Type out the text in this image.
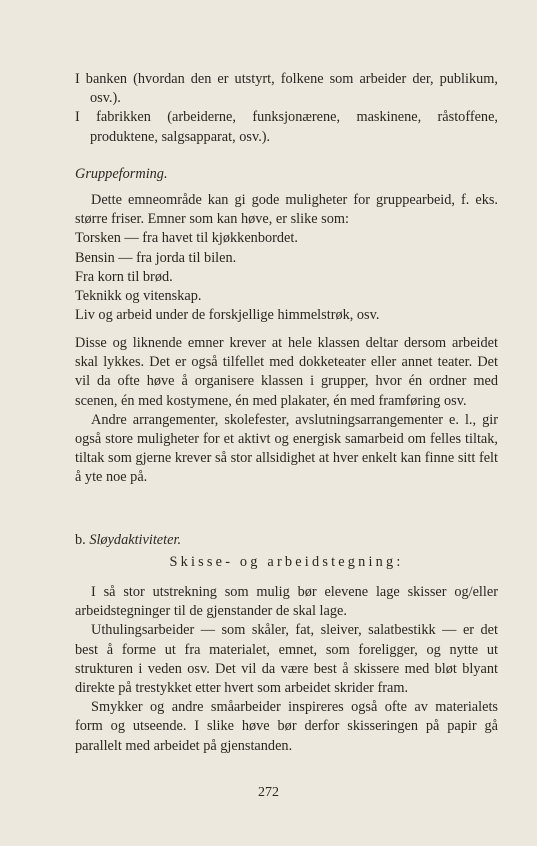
I banken (hvordan den er utstyrt, folkene som arbeider der, publikum, osv.).

I fabrikken (arbeiderne, funksjonærene, maskinene, råstoffene, produktene, salgsapparat, osv.).

Gruppeforming.

Dette emneområde kan gi gode muligheter for gruppearbeid, f. eks. større friser. Emner som kan høve, er slike som:

Torsken — fra havet til kjøkkenbordet.

Bensin — fra jorda til bilen.

Fra korn til brød.

Teknikk og vitenskap.

Liv og arbeid under de forskjellige himmelstrøk, osv.

Disse og liknende emner krever at hele klassen deltar dersom arbeidet skal lykkes. Det er også tilfellet med dokketeater eller annet teater. Det vil da ofte høve å organisere klassen i grupper, hvor én ordner med scenen, én med kostymene, én med plakater, én med framføring osv.

Andre arrangementer, skolefester, avslutningsarrangementer e. l., gir også store muligheter for et aktivt og energisk samarbeid om felles tiltak, tiltak som gjerne krever så stor allsidighet at hver enkelt kan finne sitt felt å yte noe på.

b. Sløydaktiviteter.

Skisse- og arbeidstegning:

I så stor utstrekning som mulig bør elevene lage skisser og/eller arbeidstegninger til de gjenstander de skal lage.

Uthulingsarbeider — som skåler, fat, sleiver, salatbestikk — er det best å forme ut fra materialet, emnet, som foreligger, og nytte ut strukturen i veden osv. Det vil da være best å skissere med bløt blyant direkte på trestykket etter hvert som arbeidet skrider fram.

Smykker og andre småarbeider inspireres også ofte av materialets form og utseende. I slike høve bør derfor skisseringen på papir gå parallelt med arbeidet på gjenstanden.

272
